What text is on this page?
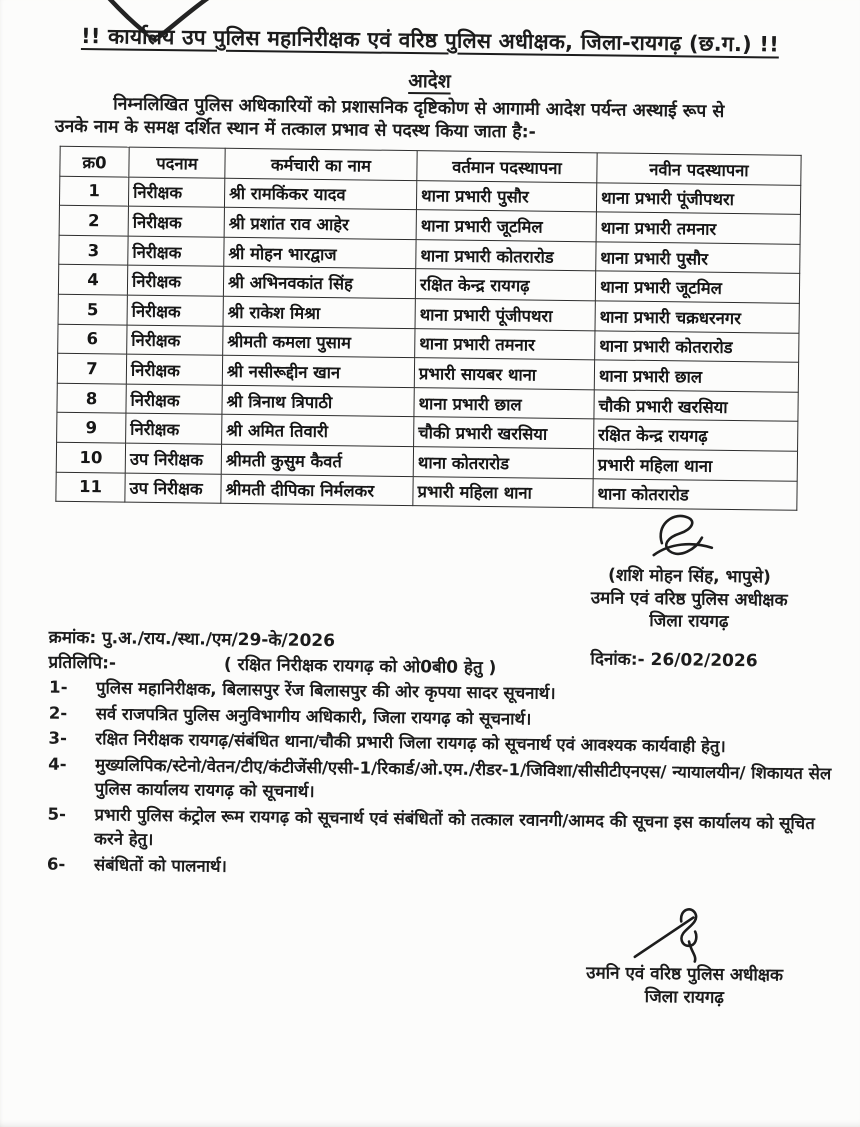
!! कार्यालय उप पुलिस महानिरीक्षक एवं वरिष्ठ पुलिस अधीक्षक, जिला-रायगढ़ (छ.ग.) !!
आदेश
निम्नलिखित पुलिस अधिकारियों को प्रशासनिक दृष्टिकोण से आगामी आदेश पर्यन्त अस्थाई रूप से
उनके नाम के समक्ष दर्शित स्थान में तत्काल प्रभाव से पदस्थ किया जाता है:-
क्र0	पदनाम	कर्मचारी का नाम	वर्तमान पदस्थापना	नवीन पदस्थापना
1	निरीक्षक	श्री रामकिंकर यादव	थाना प्रभारी पुसौर	थाना प्रभारी पूंजीपथरा
2	निरीक्षक	श्री प्रशांत राव आहेर	थाना प्रभारी जूटमिल	थाना प्रभारी तमनार
3	निरीक्षक	श्री मोहन भारद्वाज	थाना प्रभारी कोतरारोड	थाना प्रभारी पुसौर
4	निरीक्षक	श्री अभिनवकांत सिंह	रक्षित केन्द्र रायगढ़	थाना प्रभारी जूटमिल
5	निरीक्षक	श्री राकेश मिश्रा	थाना प्रभारी पूंजीपथरा	थाना प्रभारी चक्रधरनगर
6	निरीक्षक	श्रीमती कमला पुसाम	थाना प्रभारी तमनार	थाना प्रभारी कोतरारोड
7	निरीक्षक	श्री नसीरूद्दीन खान	प्रभारी सायबर थाना	थाना प्रभारी छाल
8	निरीक्षक	श्री त्रिनाथ त्रिपाठी	थाना प्रभारी छाल	चौकी प्रभारी खरसिया
9	निरीक्षक	श्री अमित तिवारी	चौकी प्रभारी खरसिया	रक्षित केन्द्र रायगढ़
10	उप निरीक्षक	श्रीमती कुसुम कैवर्त	थाना कोतरारोड	प्रभारी महिला थाना
11	उप निरीक्षक	श्रीमती दीपिका निर्मलकर	प्रभारी महिला थाना	थाना कोतरारोड
(शशि मोहन सिंह, भापुसे)
उमनि एवं वरिष्ठ पुलिस अधीक्षक
जिला रायगढ़
क्रमांक: पु.अ./राय./स्था./एम/29-के/2026
प्रतिलिपि:-	( रक्षित निरीक्षक रायगढ़ को ओ0बी0 हेतु )	दिनांक:- 26/02/2026
1-	पुलिस महानिरीक्षक, बिलासपुर रेंज बिलासपुर की ओर कृपया सादर सूचनार्थ।
2-	सर्व राजपत्रित पुलिस अनुविभागीय अधिकारी, जिला रायगढ़ को सूचनार्थ।
3-	रक्षित निरीक्षक रायगढ़/संबंधित थाना/चौकी प्रभारी जिला रायगढ़ को सूचनार्थ एवं आवश्यक कार्यवाही हेतु।
4-	मुख्यलिपिक/स्टेनो/वेतन/टीए/कंटीजेंसी/एसी-1/रिकार्ड/ओ.एम./रीडर-1/जिविशा/सीसीटीएनएस/ न्यायालयीन/ शिकायत सेल पुलिस कार्यालय रायगढ़ को सूचनार्थ।
5-	प्रभारी पुलिस कंट्रोल रूम रायगढ़ को सूचनार्थ एवं संबंधितों को तत्काल रवानगी/आमद की सूचना इस कार्यालय को सूचित करने हेतु।
6-	संबंधितों को पालनार्थ।
उमनि एवं वरिष्ठ पुलिस अधीक्षक
जिला रायगढ़
